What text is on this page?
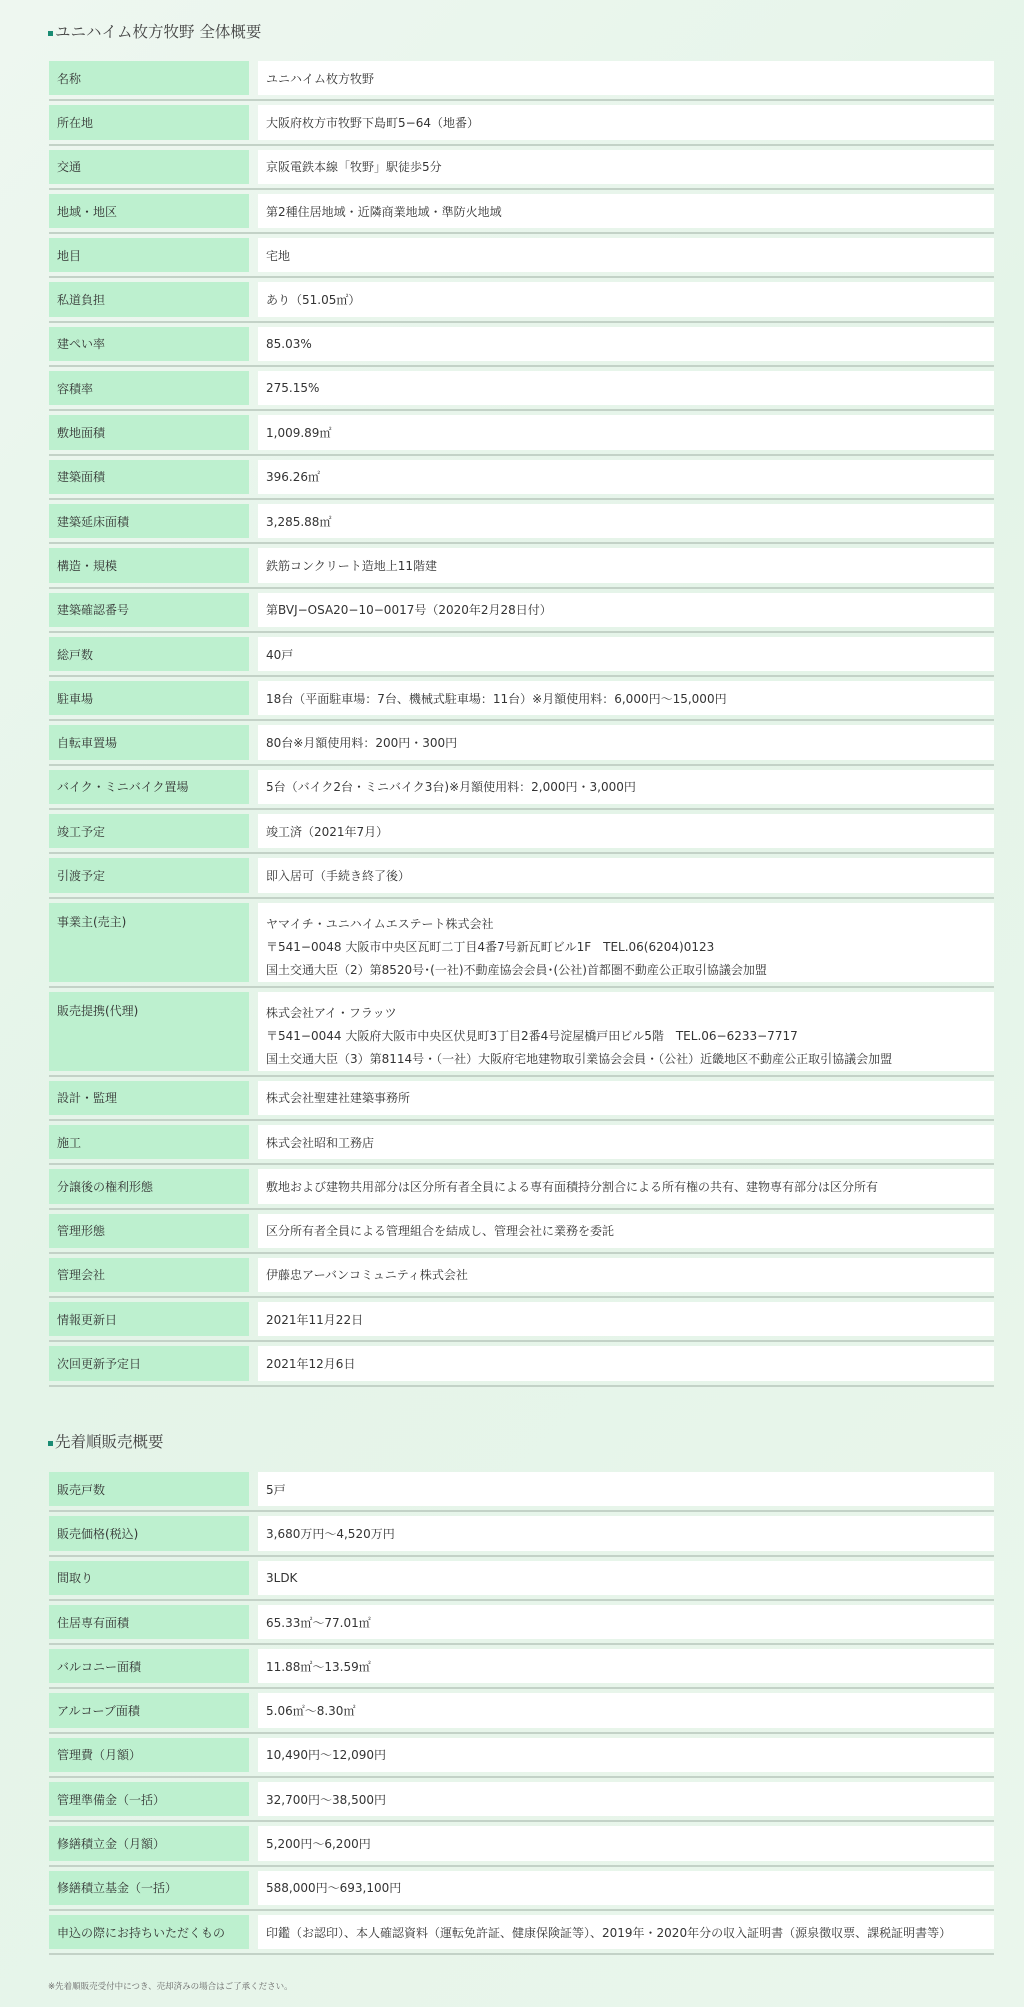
ユニハイム枚方牧野 全体概要
名称	ユニハイム枚方牧野
所在地	大阪府枚方市牧野下島町5−64（地番）
交通	京阪電鉄本線「牧野」駅徒歩5分
地域・地区	第2種住居地域・近隣商業地域・準防火地域
地目	宅地
私道負担	あり（51.05㎡）
建ぺい率	85.03%
容積率	275.15%
敷地面積	1,009.89㎡
建築面積	396.26㎡
建築延床面積	3,285.88㎡
構造・規模	鉄筋コンクリート造地上11階建
建築確認番号	第BVJ−OSA20−10−0017号（2020年2月28日付）
総戸数	40戸
駐車場	18台（平面駐車場：7台、機械式駐車場：11台）※月額使用料：6,000円〜15,000円
自転車置場	80台※月額使用料：200円・300円
バイク・ミニバイク置場	5台（バイク2台・ミニバイク3台)※月額使用料：2,000円・3,000円
竣工予定	竣工済（2021年7月）
引渡予定	即入居可（手続き終了後）
事業主(売主)	ヤマイチ・ユニハイムエステート株式会社
〒541−0048 大阪市中央区瓦町二丁目4番7号新瓦町ビル1F　TEL.06(6204)0123
国土交通大臣（2）第8520号･(一社)不動産協会会員･(公社)首都圏不動産公正取引協議会加盟
販売提携(代理)	株式会社アイ・フラッツ
〒541−0044 大阪府大阪市中央区伏見町3丁目2番4号淀屋橋戸田ビル5階　TEL.06−6233−7717
国土交通大臣（3）第8114号・（一社）大阪府宅地建物取引業協会会員・（公社）近畿地区不動産公正取引協議会加盟
設計・監理	株式会社聖建社建築事務所
施工	株式会社昭和工務店
分譲後の権利形態	敷地および建物共用部分は区分所有者全員による専有面積持分割合による所有権の共有、建物専有部分は区分所有
管理形態	区分所有者全員による管理組合を結成し、管理会社に業務を委託
管理会社	伊藤忠アーバンコミュニティ株式会社
情報更新日	2021年11月22日
次回更新予定日	2021年12月6日
先着順販売概要
販売戸数	5戸
販売価格(税込)	3,680万円〜4,520万円
間取り	3LDK
住居専有面積	65.33㎡〜77.01㎡
バルコニー面積	11.88㎡〜13.59㎡
アルコーブ面積	5.06㎡〜8.30㎡
管理費（月額）	10,490円〜12,090円
管理準備金（一括）	32,700円〜38,500円
修繕積立金（月額）	5,200円〜6,200円
修繕積立基金（一括）	588,000円〜693,100円
申込の際にお持ちいただくもの	印鑑（お認印）、本人確認資料（運転免許証、健康保険証等）、2019年・2020年分の収入証明書（源泉徴収票、課税証明書等）
※先着順販売受付中につき、売却済みの場合はご了承ください。
